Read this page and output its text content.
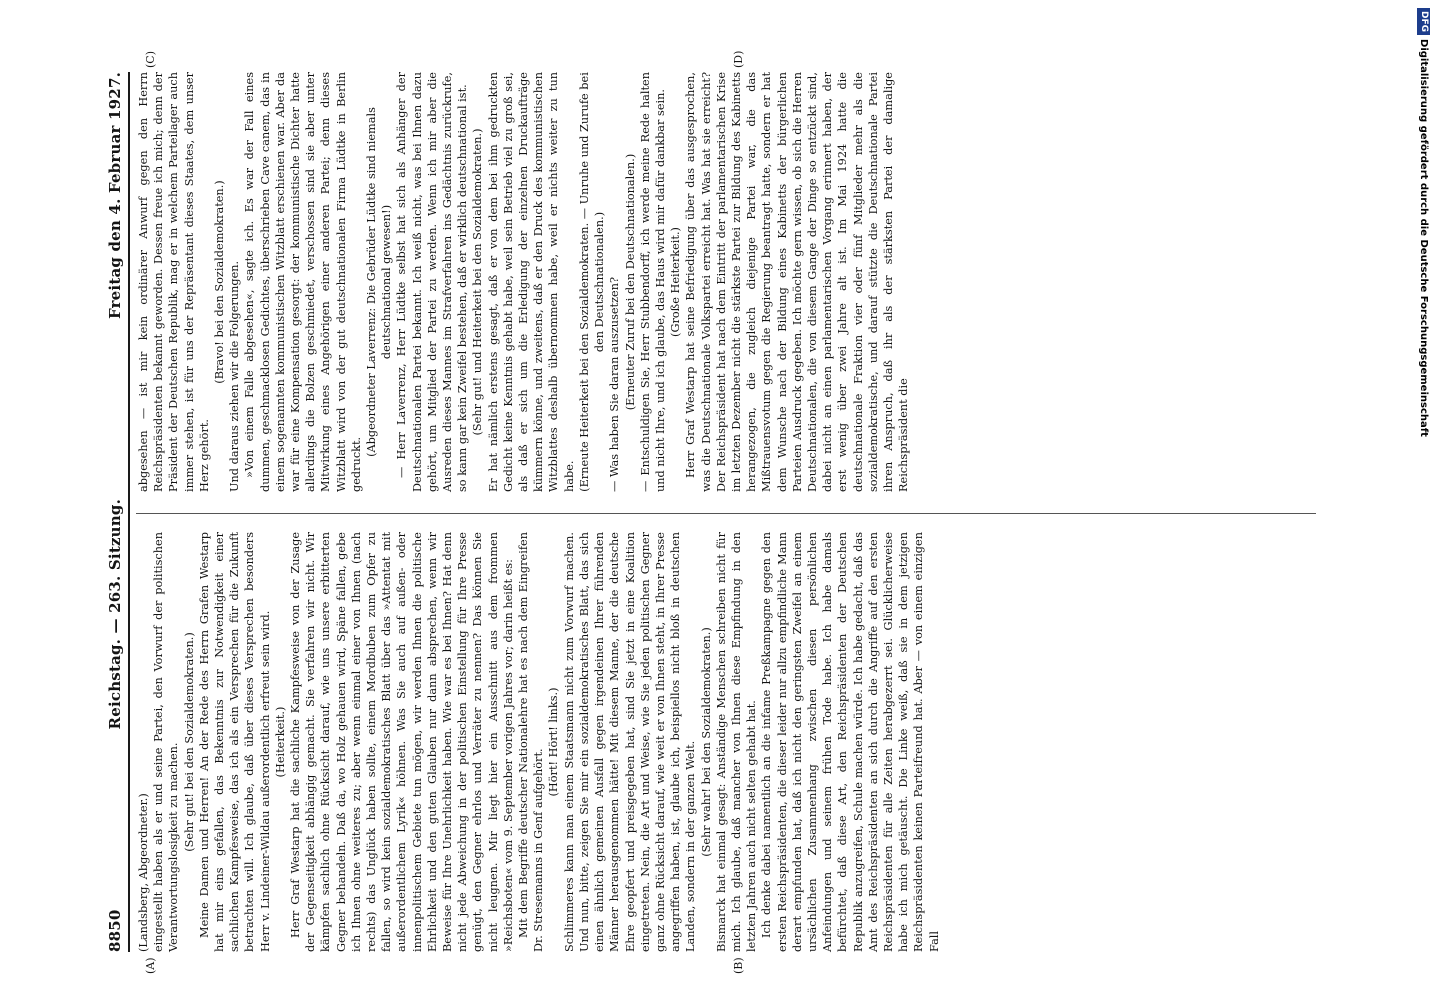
8850
Reichstag. — 263. Sitzung.
Freitag den 4. Februar 1927.

(Landsberg, Abgeordneter.) eingestellt haben als er und seine Partei, den Vorwurf der politischen Verantwortungslosigkeit zu machen. (Sehr gut! bei den Sozialdemokraten.) Meine Damen und Herren! An der Rede des Herrn Grafen Westarp hat mir eins gefallen, das Bekenntnis zur Notwendigkeit einer sachlichen Kampfesweise, das ich als ein Versprechen für die Zukunft betrachten will. Ich glaube, daß über dieses Versprechen besonders Herr v. Lindeiner-Wildau außerordentlich erfreut sein wird. (Heiterkeit.) Herr Graf Westarp hat die sachliche Kampfesweise von der Zusage der Gegenseitigkeit abhängig gemacht. Sie verfahren wir nicht. Wir kämpfen sachlich ohne Rücksicht darauf, wie uns unsere erbitterten Gegner behandeln. Daß da, wo Holz gehauen wird, Späne fallen, gebe ich Ihnen ohne weiteres zu; aber wenn einmal einer von Ihnen (nach rechts) das Unglück haben sollte, einem Mordbuben zum Opfer zu fallen, so wird kein sozialdemokratisches Blatt über das »Attentat mit außerordentlichem Lyrik« höhnen. Was Sie auch auf außen- oder innenpolitischem Gebiete tun mögen, wir werden Ihnen die politische Ehrlichkeit und den guten Glauben nur dann absprechen, wenn wir Beweise für Ihre Unehrlichkeit haben. Wie war es bei Ihnen? Hat denn nicht jede Abweichung in der politischen Einstellung für Ihre Presse genügt, den Gegner ehrlos und Verräter zu nennen? Das können Sie nicht leugnen. Mir liegt hier ein Ausschnitt aus dem frommen »Reichsboten« vom 9. September vorigen Jahres vor; darin heißt es: Mit dem Begriffe deutscher Nationalehre hat es nach dem Eingreifen Dr. Stresemanns in Genf aufgehört.

(Hört! Hört! links.) Schlimmeres kann man einem Staatsmann nicht zum Vorwurf machen. Und nun, bitte, zeigen Sie mir ein sozialdemokratisches Blatt, das sich einen ähnlich gemeinen Ausfall gegen irgendeinen Ihrer führenden Männer herausgenommen hätte! Mit diesem Manne, der die deutsche Ehre geopfert und preisgegeben hat, sind Sie jetzt in eine Koalition eingetreten. Nein, die Art und Weise, wie Sie jeden politischen Gegner ganz ohne Rücksicht darauf, wie weit er von Ihnen steht, in Ihrer Presse angegriffen haben, ist, glaube ich, beispiellos nicht bloß in deutschen Landen, sondern in der ganzen Welt. (Sehr wahr! bei den Sozialdemokraten.) Bismarck hat einmal gesagt: Anständige Menschen schreiben nicht für mich. Ich glaube, daß mancher von Ihnen diese Empfindung in den letzten Jahren auch nicht selten gehabt hat. Ich denke dabei namentlich an die infame Preßkampagne gegen den ersten Reichspräsidenten, die dieser leider nur allzu empfindliche Mann derart empfunden hat, daß ich nicht den geringsten Zweifel an einem ursächlichen Zusammenhang zwischen diesen persönlichen Anfeindungen und seinem frühen Tode habe. Ich habe damals befürchtet, daß diese Art, den Reichspräsidenten der Deutschen Republik anzugreifen, Schule machen würde. Ich habe gedacht, daß das Amt des Reichspräsidenten an sich durch die Angriffe auf den ersten Reichspräsidenten für alle Zeiten herabgezerrt sei. Glücklicherweise habe ich mich getäuscht. Die Linke weiß, daß sie in dem jetzigen Reichspräsidenten keinen Parteifreund hat. Aber — von einem einzigen Fall

abgesehen — ist mir kein ordinärer Anwurf gegen den Herrn Reichspräsidenten bekannt geworden. Dessen freue ich mich; denn der Präsident der Deutschen Republik, mag er in welchem Parteilager auch immer stehen, ist für uns der Repräsentant dieses Staates, dem unser Herz gehört.

(Bravo! bei den Sozialdemokraten.) Und daraus ziehen wir die Folgerungen. »Von einem Falle abgesehen«, sagte ich. Es war der Fall eines dummen, geschmacklosen Gedichtes, überschrieben Cave canem, das in einem sogenannten kommunistischen Witzblatt erschienen war. Aber da war für eine Kompensation gesorgt: der kommunistische Dichter hatte allerdings die Bolzen geschmiedet, verschossen sind sie aber unter Mitwirkung eines Angehörigen einer anderen Partei; denn dieses Witzblatt wird von der gut deutschnationalen Firma Lüdtke in Berlin gedruckt.

(Abgeordneter Laverrenz: Die Gebrüder Lüdtke sind niemals deutschnational gewesen!) — Herr Laverrenz, Herr Lüdtke selbst hat sich als Anhänger der Deutschnationalen Partei bekannt. Ich weiß nicht, was bei Ihnen dazu gehört, um Mitglied der Partei zu werden. Wenn ich mir aber die Ausreden dieses Mannes im Strafverfahren ins Gedächtnis zurückrufe, so kann gar kein Zweifel bestehen, daß er wirklich deutschnational ist. (Sehr gut! und Heiterkeit bei den Sozialdemokraten.) Er hat nämlich erstens gesagt, daß er von dem bei ihm gedruckten Gedicht keine Kenntnis gehabt habe, weil sein Betrieb viel zu groß sei, als daß er sich um die Erledigung der einzelnen Druckaufträge kümmern könne, und zweitens, daß er den Druck des kommunistischen Witzblattes deshalb übernommen habe, weil er nichts weiter zu tun habe. (Erneute Heiterkeit bei den Sozialdemokraten. — Unruhe und Zurufe bei den Deutschnationalen.) — Was haben Sie daran auszusetzen? (Erneuter Zuruf bei den Deutschnationalen.) — Entschuldigen Sie, Herr Stubbendorff, ich werde meine Rede halten und nicht Ihre, und ich glaube, das Haus wird mir dafür dankbar sein. (Große Heiterkeit.) Herr Graf Westarp hat seine Befriedigung über das ausgesprochen, was die Deutschnationale Volkspartei erreicht hat. Was hat sie erreicht? Der Reichspräsident hat nach dem Eintritt der parlamentarischen Krise im letzten Dezember nicht die stärkste Partei zur Bildung des Kabinetts herangezogen, die zugleich diejenige Partei war, die das Mißtrauensvotum gegen die Regierung beantragt hatte, sondern er hat dem Wunsche nach der Bildung eines Kabinetts der bürgerlichen Parteien Ausdruck gegeben. Ich möchte gern wissen, ob sich die Herren Deutschnationalen, die von diesem Gange der Dinge so entzückt sind, dabei nicht an einen parlamentarischen Vorgang erinnert haben, der erst wenig über zwei Jahre alt ist. Im Mai 1924 hatte die deutschnationale Fraktion vier oder fünf Mitglieder mehr als die sozialdemokratische, und darauf stützte die Deutschnationale Partei ihren Anspruch, daß ihr als der stärksten Partei der damalige Reichspräsident die

(A)	(B)
(C)	(D)
DFG
Digitalisierung gefördert durch die Deutsche Forschungsgemeinschaft
